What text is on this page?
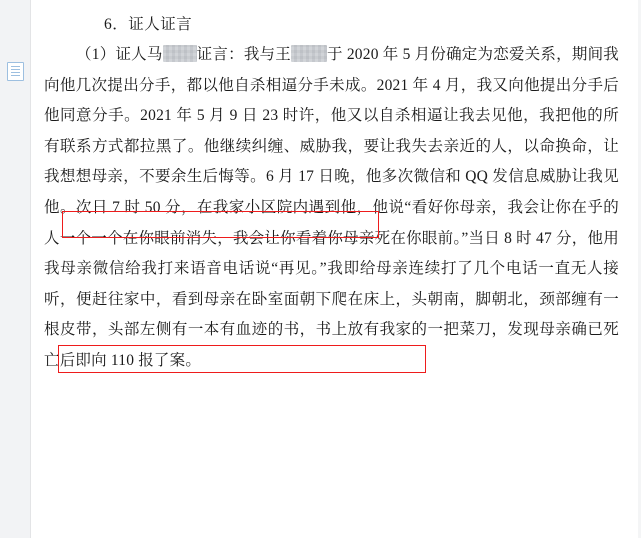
6．证人证言

（1）证人马 证言：我与王 于 2020 年 5 月份确定为恋爱关系，期间我向他几次提出分手，都以他自杀相逼分手未成。2021 年 4 月，我又向他提出分手后他同意分手。2021 年 5 月 9 日 23 时许，他又以自杀相逼让我去见他，我把他的所有联系方式都拉黑了。他继续纠缠、威胁我，要让我失去亲近的人，以命换命，让我想想母亲，不要余生后悔等。6 月 17 日晚，他多次微信和 QQ 发信息威胁让我见他。次日 7 时 50 分，在我家小区院内遇到他，他说“看好你母亲，我会让你在乎的人一个一个在你眼前消失，我会让你看着你母亲死在你眼前。”当日 8 时 47 分，他用我母亲微信给我打来语音电话说“再见。”我即给母亲连续打了几个电话一直无人接听，便赶往家中，看到母亲在卧室面朝下爬在床上，头朝南，脚朝北，颈部缠有一根皮带，头部左侧有一本有血迹的书，书上放有我家的一把菜刀，发现母亲确已死亡后即向 110 报了案。
